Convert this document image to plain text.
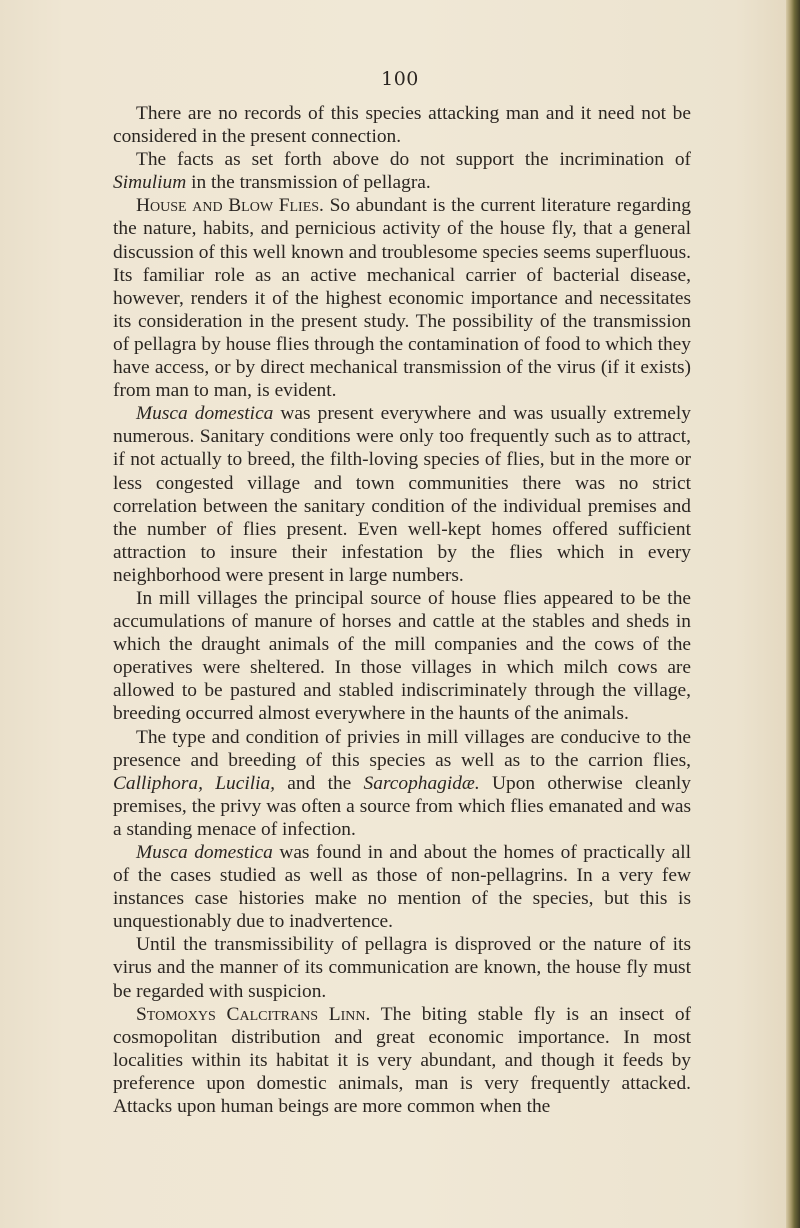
100

There are no records of this species attacking man and it need not be considered in the present connection.

The facts as set forth above do not support the incrimination of Simulium in the transmission of pellagra.

House and Blow Flies. So abundant is the current literature regarding the nature, habits, and pernicious activity of the house fly, that a general discussion of this well known and troublesome species seems superfluous. Its familiar role as an active mechanical carrier of bacterial disease, however, renders it of the highest economic importance and necessitates its consideration in the present study. The possibility of the transmission of pellagra by house flies through the contamination of food to which they have access, or by direct mechanical transmission of the virus (if it exists) from man to man, is evident.

Musca domestica was present everywhere and was usually extremely numerous. Sanitary conditions were only too frequently such as to attract, if not actually to breed, the filth-loving species of flies, but in the more or less congested village and town communities there was no strict correlation between the sanitary condition of the individual premises and the number of flies present. Even well-kept homes offered sufficient attraction to insure their infestation by the flies which in every neighborhood were present in large numbers.

In mill villages the principal source of house flies appeared to be the accumulations of manure of horses and cattle at the stables and sheds in which the draught animals of the mill companies and the cows of the operatives were sheltered. In those villages in which milch cows are allowed to be pastured and stabled indiscriminately through the village, breeding occurred almost everywhere in the haunts of the animals.

The type and condition of privies in mill villages are conducive to the presence and breeding of this species as well as to the carrion flies, Calliphora, Lucilia, and the Sarcophagidæ. Upon otherwise cleanly premises, the privy was often a source from which flies emanated and was a standing menace of infection.

Musca domestica was found in and about the homes of practically all of the cases studied as well as those of non-pellagrins. In a very few instances case histories make no mention of the species, but this is unquestionably due to inadvertence.

Until the transmissibility of pellagra is disproved or the nature of its virus and the manner of its communication are known, the house fly must be regarded with suspicion.

Stomoxys Calcitrans Linn. The biting stable fly is an insect of cosmopolitan distribution and great economic importance. In most localities within its habitat it is very abundant, and though it feeds by preference upon domestic animals, man is very frequently attacked. Attacks upon human beings are more common when the
